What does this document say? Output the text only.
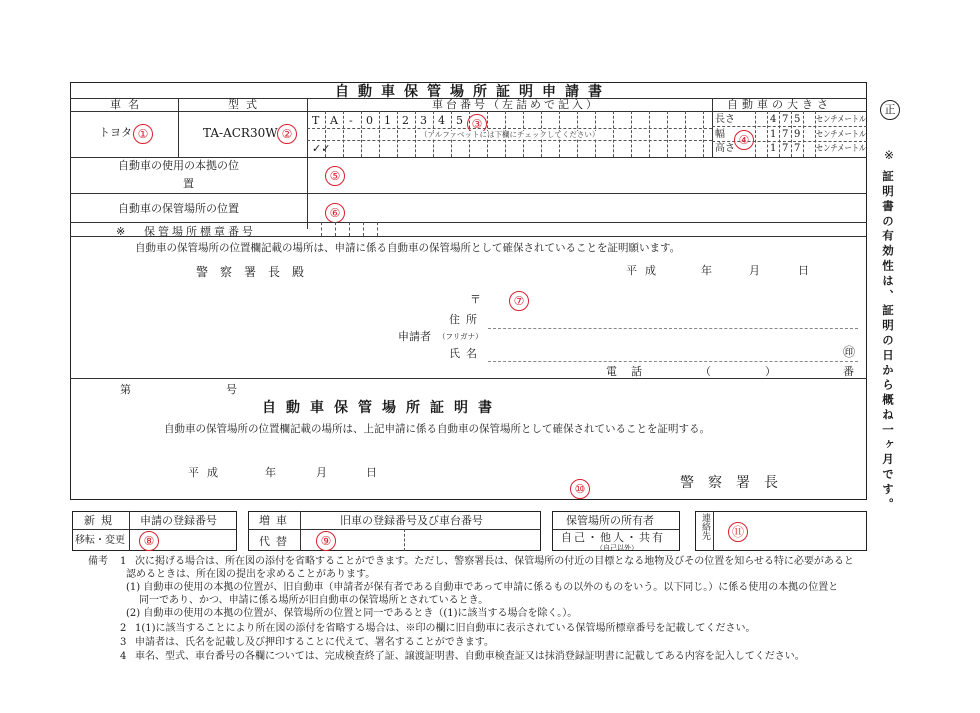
自動車保管場所証明申請書
車名	型式	車台番号（左詰めで記入）	自動車の大きさ
トヨタ ①	TA-ACR30W ②
T A - 0 1 2 3 4 5 ③
（アルファベットには下欄にチェックしてください）
✓✓
長さ	4 7 5 センチメートル
幅	1 7 9 センチメートル
高さ	1 7 7 センチメートル
④
自動車の使用の本拠の位
置
⑤
自動車の保管場所の位置	⑥
※ 保管場所標章番号
自動車の保管場所の位置欄記載の場所は、申請に係る自動車の保管場所として確保されていることを証明願います。
警察署長殿	平成	年	月	日
〒	⑦
住所
申請者 （フリガナ）
氏名	㊞
電話	（	）	番
第	号
自動車保管場所証明書
自動車の保管場所の位置欄記載の場所は、上記申請に係る自動車の保管場所として確保されていることを証明する。
平成	年	月	日
⑩	警察署長
正
※
証明書の有効性は、証明の日から概ね一ヶ月です。
新規 申請の登録番号
移転・変更	⑧
増車	旧車の登録番号及び車台番号
代替	⑨
保管場所の所有者
自己・他人・共有
（自己以外）
連絡先	⑪
備考 1 次に掲げる場合は、所在図の添付を省略することができます。ただし、警察署長は、保管場所の付近の目標となる地物及びその位置を知らせる特に必要があると
認めるときは、所在図の提出を求めることがあります。
(1) 自動車の使用の本拠の位置が、旧自動車（申請者が保有者である自動車であって申請に係るもの以外のものをいう。以下同じ。）に係る使用の本拠の位置と
同一であり、かつ、申請に係る場所が旧自動車の保管場所とされているとき。
(2) 自動車の使用の本拠の位置が、保管場所の位置と同一であるとき（(1)に該当する場合を除く。）。
2 1(1)に該当することにより所在図の添付を省略する場合は、※印の欄に旧自動車に表示されている保管場所標章番号を記載してください。
3 申請者は、氏名を記載し及び押印することに代えて、署名することができます。
4 車名、型式、車台番号の各欄については、完成検査終了証、譲渡証明書、自動車検査証又は抹消登録証明書に記載してある内容を記入してください。
